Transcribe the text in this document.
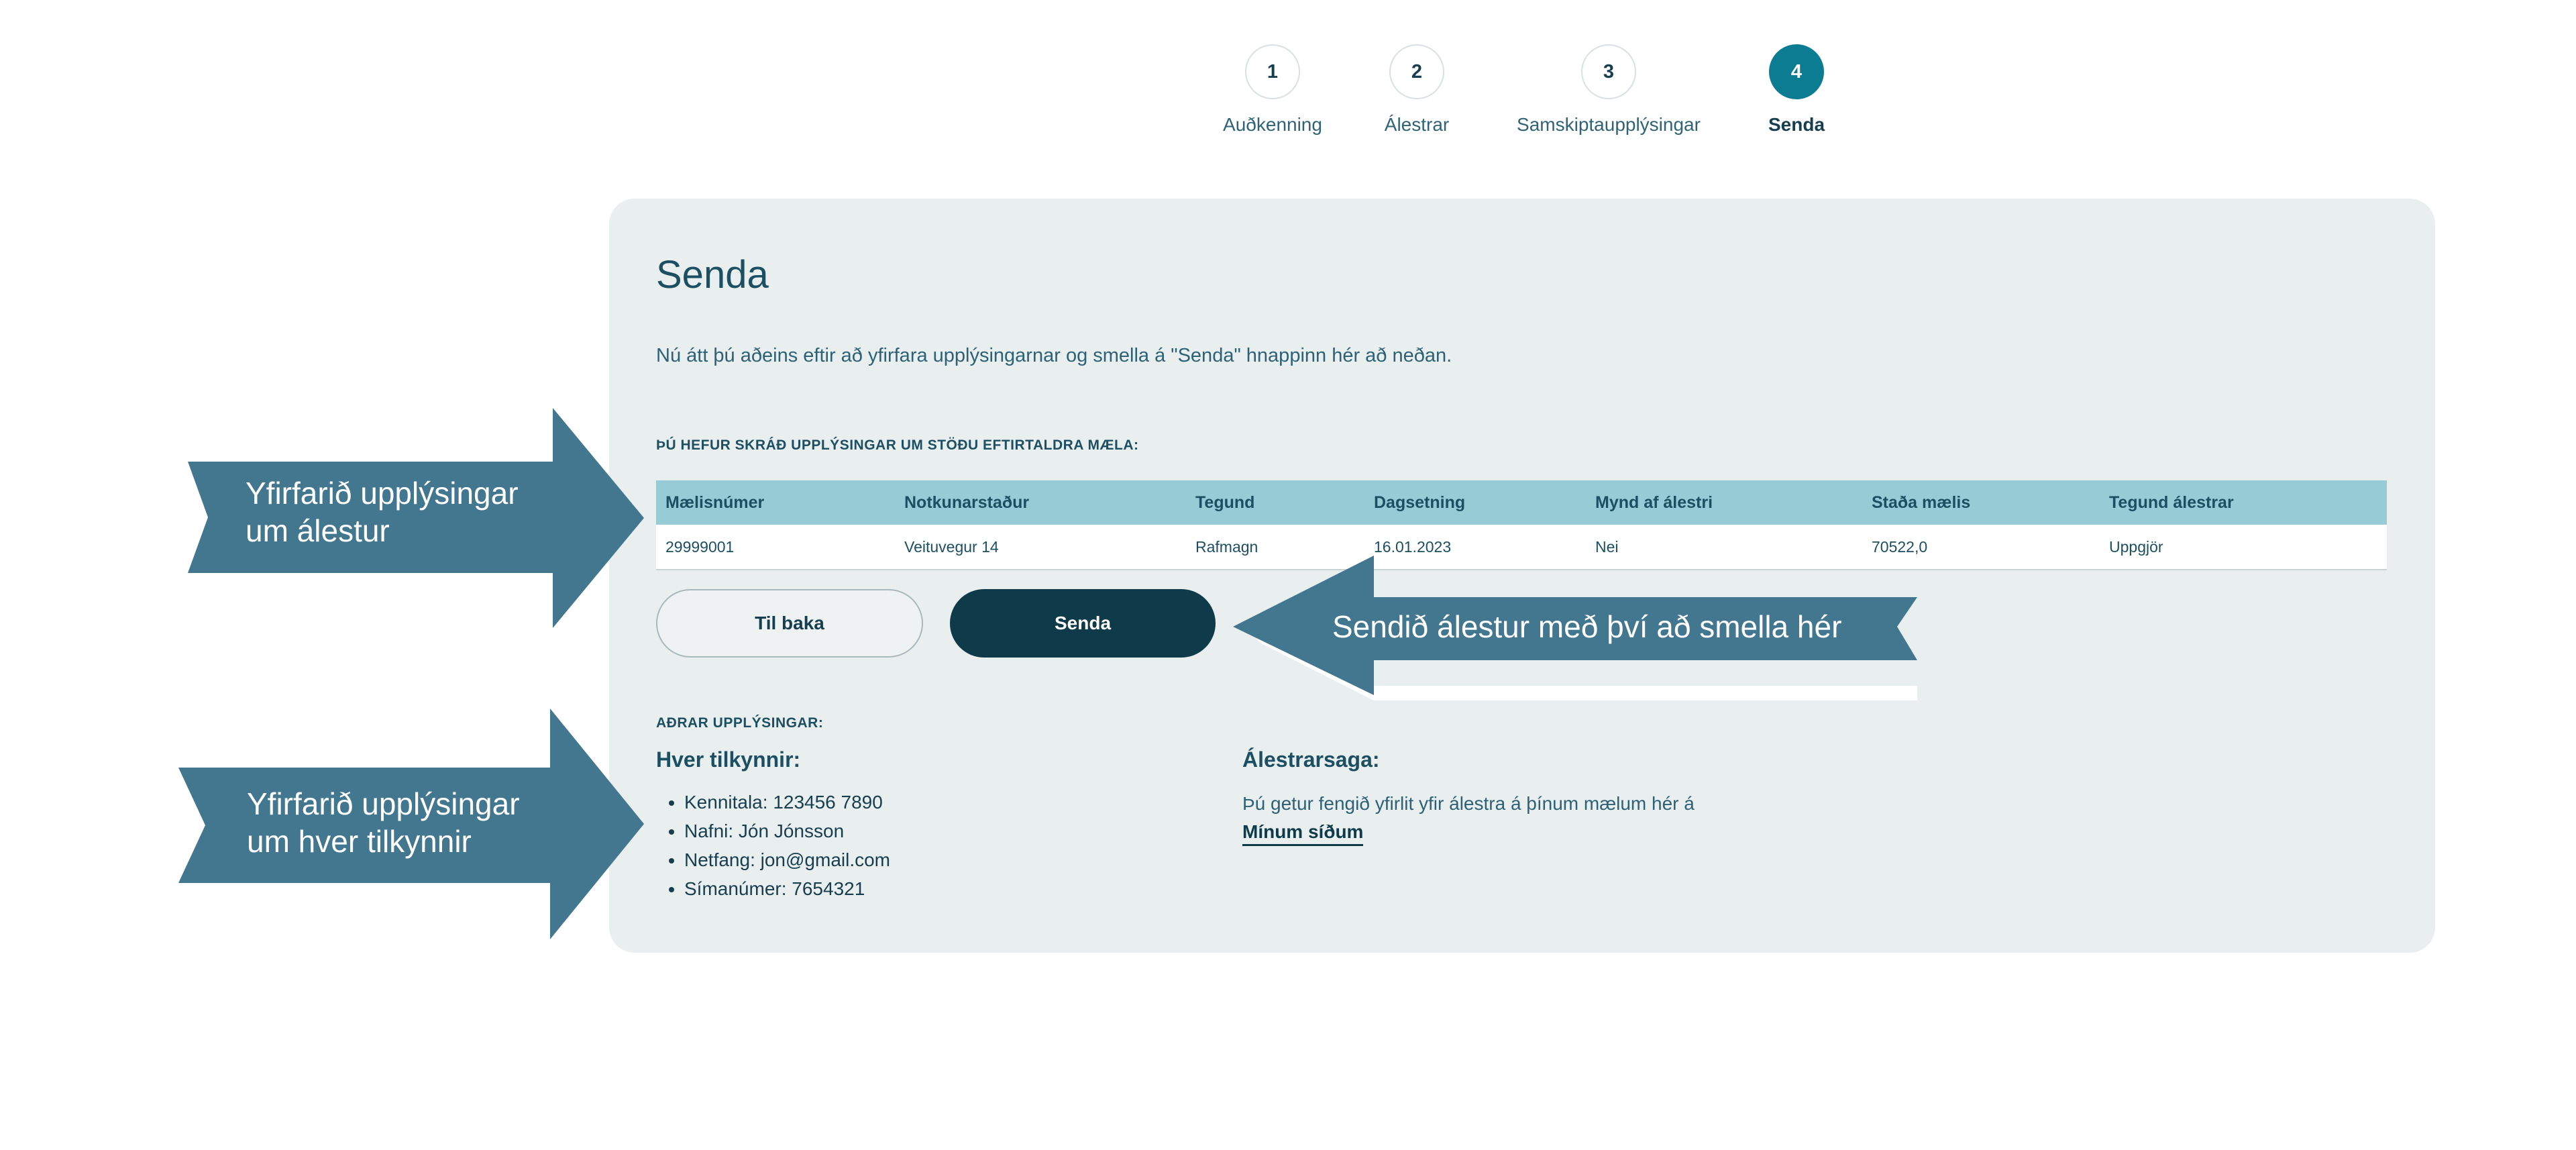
1
Auðkenning
2
Álestrar
3
Samskiptaupplýsingar
4
Senda
Senda
Nú átt þú aðeins eftir að yfirfara upplýsingarnar og smella á "Senda" hnappinn hér að neðan.
ÞÚ HEFUR SKRÁÐ UPPLÝSINGAR UM STÖÐU EFTIRTALDRA MÆLA:
Mælisnúmer	Notkunarstaður	Tegund	Dagsetning	Mynd af álestri	Staða mælis	Tegund álestrar
29999001	Veituvegur 14	Rafmagn	16.01.2023	Nei	70522,0	Uppgjör
Til baka	Senda
AÐRAR UPPLÝSINGAR:
Hver tilkynnir:
• Kennitala: 123456 7890
• Nafni: Jón Jónsson
• Netfang: jon@gmail.com
• Símanúmer: 7654321
Álestrarsaga:
Þú getur fengið yfirlit yfir álestra á þínum mælum hér á
Mínum síðum
Yfirfarið upplýsingar
um álestur
Sendið álestur með því að smella hér
Yfirfarið upplýsingar
um hver tilkynnir
